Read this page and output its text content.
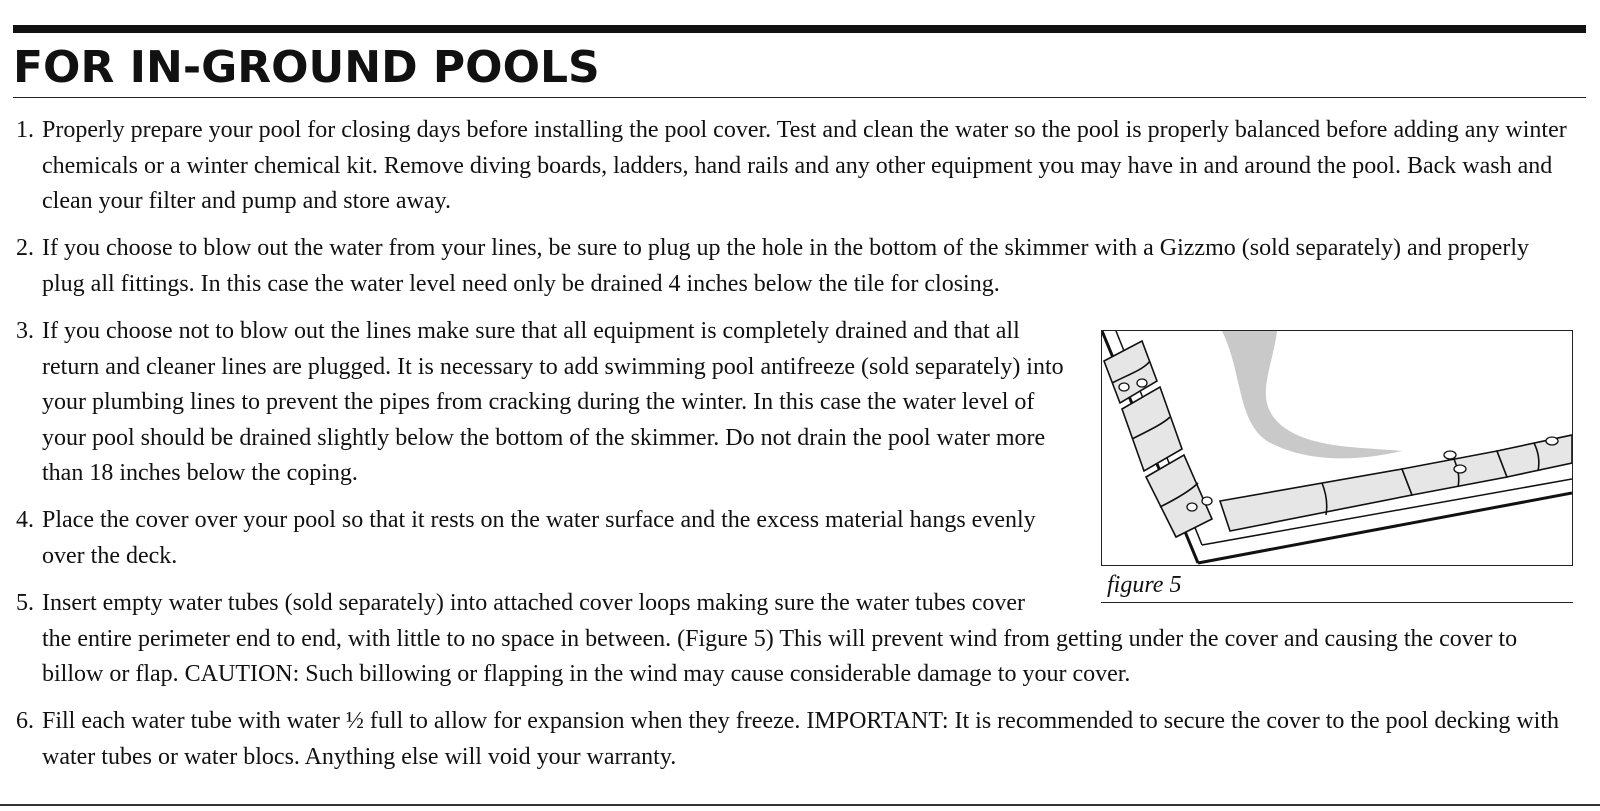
FOR IN-GROUND POOLS
1. Properly prepare your pool for closing days before installing the pool cover. Test and clean the water so the pool is properly balanced before adding any winter chemicals or a winter chemical kit. Remove diving boards, ladders, hand rails and any other equipment you may have in and around the pool. Back wash and clean your filter and pump and store away.
2. If you choose to blow out the water from your lines, be sure to plug up the hole in the bottom of the skimmer with a Gizzmo (sold separately) and properly plug all fittings. In this case the water level need only be drained 4 inches below the tile for closing.
3. If you choose not to blow out the lines make sure that all equipment is completely drained and that all return and cleaner lines are plugged. It is necessary to add swimming pool antifreeze (sold separately) into your plumbing lines to prevent the pipes from cracking during the winter. In this case the water level of your pool should be drained slightly below the bottom of the skimmer. Do not drain the pool water more than 18 inches below the coping.
4. Place the cover over your pool so that it rests on the water surface and the excess material hangs evenly over the deck.
5. Insert empty water tubes (sold separately) into attached cover loops making sure the water tubes cover the entire perimeter end to end, with little to no space in between. (Figure 5) This will prevent wind from getting under the cover and causing the cover to billow or flap. CAUTION: Such billowing or flapping in the wind may cause considerable damage to your cover.
6. Fill each water tube with water ½ full to allow for expansion when they freeze. IMPORTANT: It is recommended to secure the cover to the pool decking with water tubes or water blocs. Anything else will void your warranty.
figure 5
